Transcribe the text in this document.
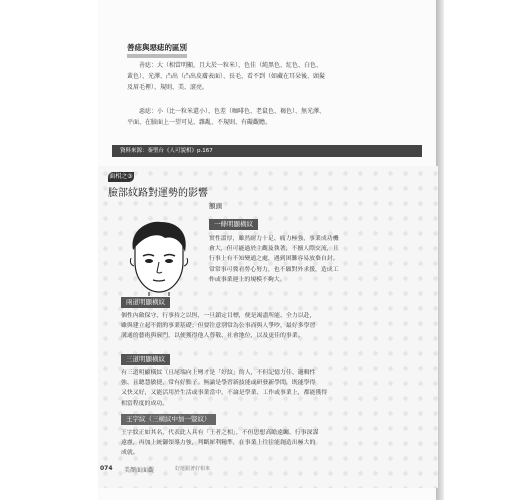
善痣與惡痣的區別
善痣：大（相當明顯，且大於一粒米）、色佳（純黑色、紅色、白色、
黃色）、光澤、凸出（凸出皮膚表面）、長毛、看不到（如藏在耳朵後、頭髮
及眉毛裡）、規則、美、滾亮。
惡痣：小（比一粒米還小）、色差（咖啡色、老鼠色、褐色）、無光澤、
平面、在臉面上一望可見、雜亂、不規則、有礙觀瞻。
資料來源：秦聖台《人可貌相》p.167
面相之③
臉部紋路對運勢的影響
額頭
一條明顯橫紋
實性溫厚，雖然耐力十足、痛力極強，事業成功機
會大，但可能過於主觀及執著，不擅人際交流，且
行事上有不知變通之處，遇到困難容易放棄自封。
常常事可冀看勞心努力，也不願對外求援，造成工
作或事業運上的規模不夠大。
兩道明顯橫紋
個性內斂保守、行事持之以恆，一旦鎖定目標，便是竭盡所能、全力以赴，
雖與建立起不錯的事業基礎；但要注意別常為公事而與人爭吵，最好多學習
溝通的藝術與竅門，以便獲得他人尊敬、社會地位，以及更佳的事業。
三道明顯橫紋
有三道明顯橫紋（且尾端向上彎才是「好紋」的人，不但記憶力佳、邏輯性
強、且聰慧敏捷，常有好點子。無論是學習新技能或研發新學問，既能學得
又快又好，又能活用於生活或事業當中，不論是學業、工作或事業上，都能獲得
相當程度的成功。
王字紋（三橫紋中加一豎紋）
王字紋正如其名，代表此人具有「王者之相」，不但思想高瞻遠矚、行事深謀
遠慮，再加上統御領導力強，判斷犀利精準，在事業上往往能創造出極大的
成就。
074 美顏面面觀	好運跟著好相來
